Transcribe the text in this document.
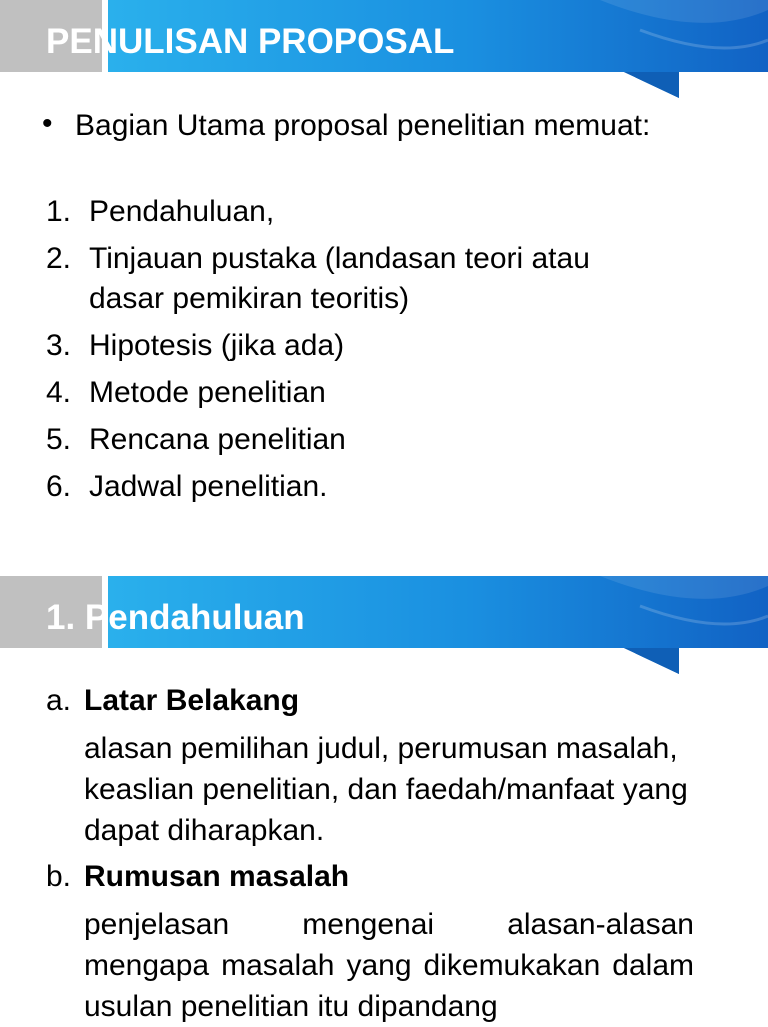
PENULISAN PROPOSAL
• Bagian Utama proposal penelitian memuat:
1. Pendahuluan,
2. Tinjauan pustaka (landasan teori atau dasar pemikiran teoritis)
3. Hipotesis (jika ada)
4. Metode penelitian
5. Rencana penelitian
6. Jadwal penelitian.
1. Pendahuluan
a. Latar Belakang
alasan pemilihan judul, perumusan masalah, keaslian penelitian, dan faedah/manfaat yang dapat diharapkan.
b. Rumusan masalah
penjelasan mengenai alasan-alasan mengapa masalah yang dikemukakan dalam usulan penelitian itu dipandang
